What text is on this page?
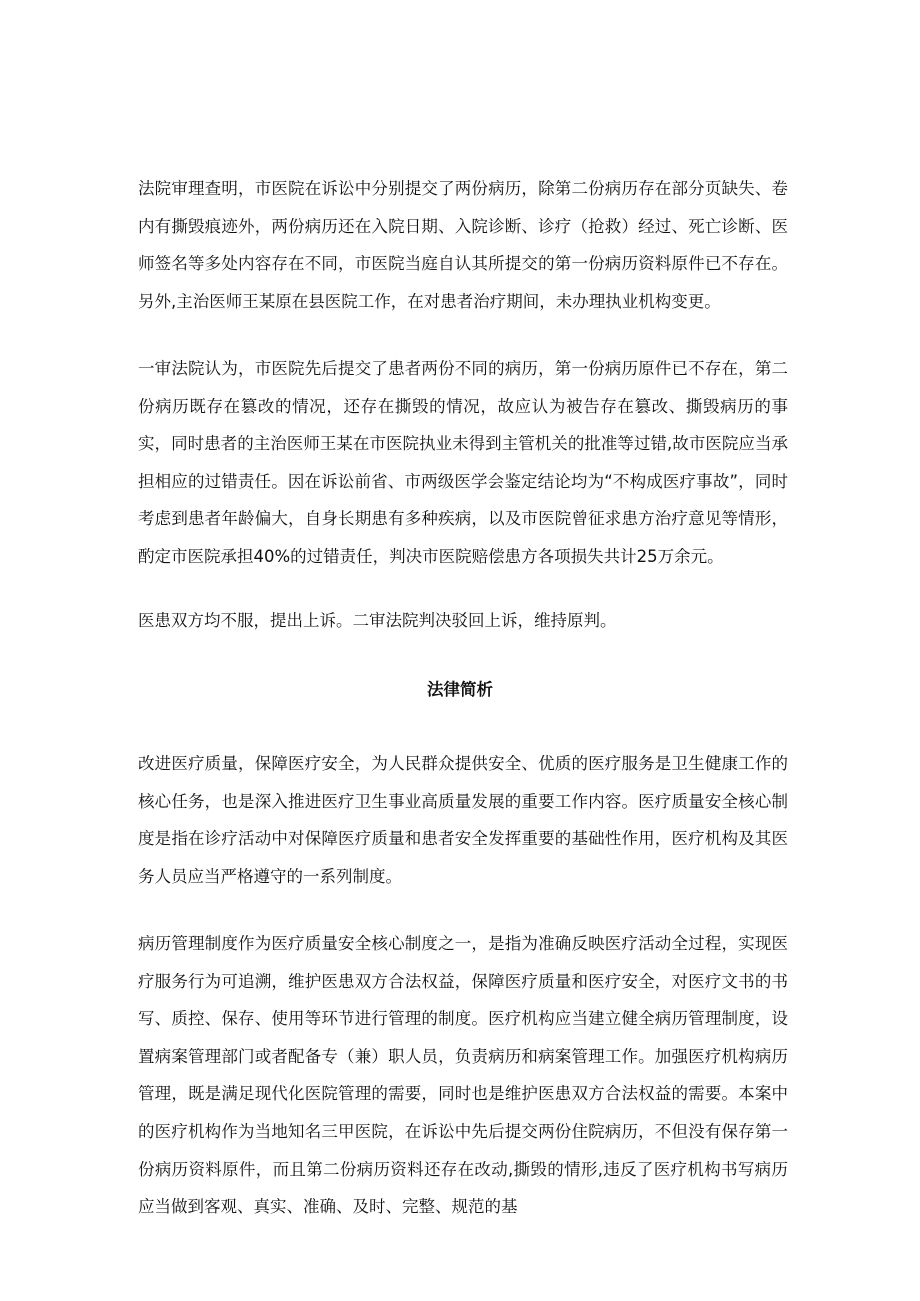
法院审理查明，市医院在诉讼中分别提交了两份病历，除第二份病历存在部分页缺失、卷内有撕毁痕迹外，两份病历还在入院日期、入院诊断、诊疗（抢救）经过、死亡诊断、医师签名等多处内容存在不同，市医院当庭自认其所提交的第一份病历资料原件已不存在。另外,主治医师王某原在县医院工作，在对患者治疗期间，未办理执业机构变更。

一审法院认为，市医院先后提交了患者两份不同的病历，第一份病历原件已不存在，第二份病历既存在篡改的情况，还存在撕毁的情况，故应认为被告存在篡改、撕毁病历的事实，同时患者的主治医师王某在市医院执业未得到主管机关的批准等过错,故市医院应当承担相应的过错责任。因在诉讼前省、市两级医学会鉴定结论均为“不构成医疗事故”，同时考虑到患者年龄偏大，自身长期患有多种疾病，以及市医院曾征求患方治疗意见等情形，酌定市医院承担40%的过错责任，判决市医院赔偿患方各项损失共计25万余元。

医患双方均不服，提出上诉。二审法院判决驳回上诉，维持原判。

法律简析

改进医疗质量，保障医疗安全，为人民群众提供安全、优质的医疗服务是卫生健康工作的核心任务，也是深入推进医疗卫生事业高质量发展的重要工作内容。医疗质量安全核心制度是指在诊疗活动中对保障医疗质量和患者安全发挥重要的基础性作用，医疗机构及其医务人员应当严格遵守的一系列制度。

病历管理制度作为医疗质量安全核心制度之一，是指为准确反映医疗活动全过程，实现医疗服务行为可追溯，维护医患双方合法权益，保障医疗质量和医疗安全，对医疗文书的书写、质控、保存、使用等环节进行管理的制度。医疗机构应当建立健全病历管理制度，设置病案管理部门或者配备专（兼）职人员，负责病历和病案管理工作。加强医疗机构病历管理，既是满足现代化医院管理的需要，同时也是维护医患双方合法权益的需要。本案中的医疗机构作为当地知名三甲医院，在诉讼中先后提交两份住院病历，不但没有保存第一份病历资料原件，而且第二份病历资料还存在改动,撕毁的情形,违反了医疗机构书写病历应当做到客观、真实、准确、及时、完整、规范的基
